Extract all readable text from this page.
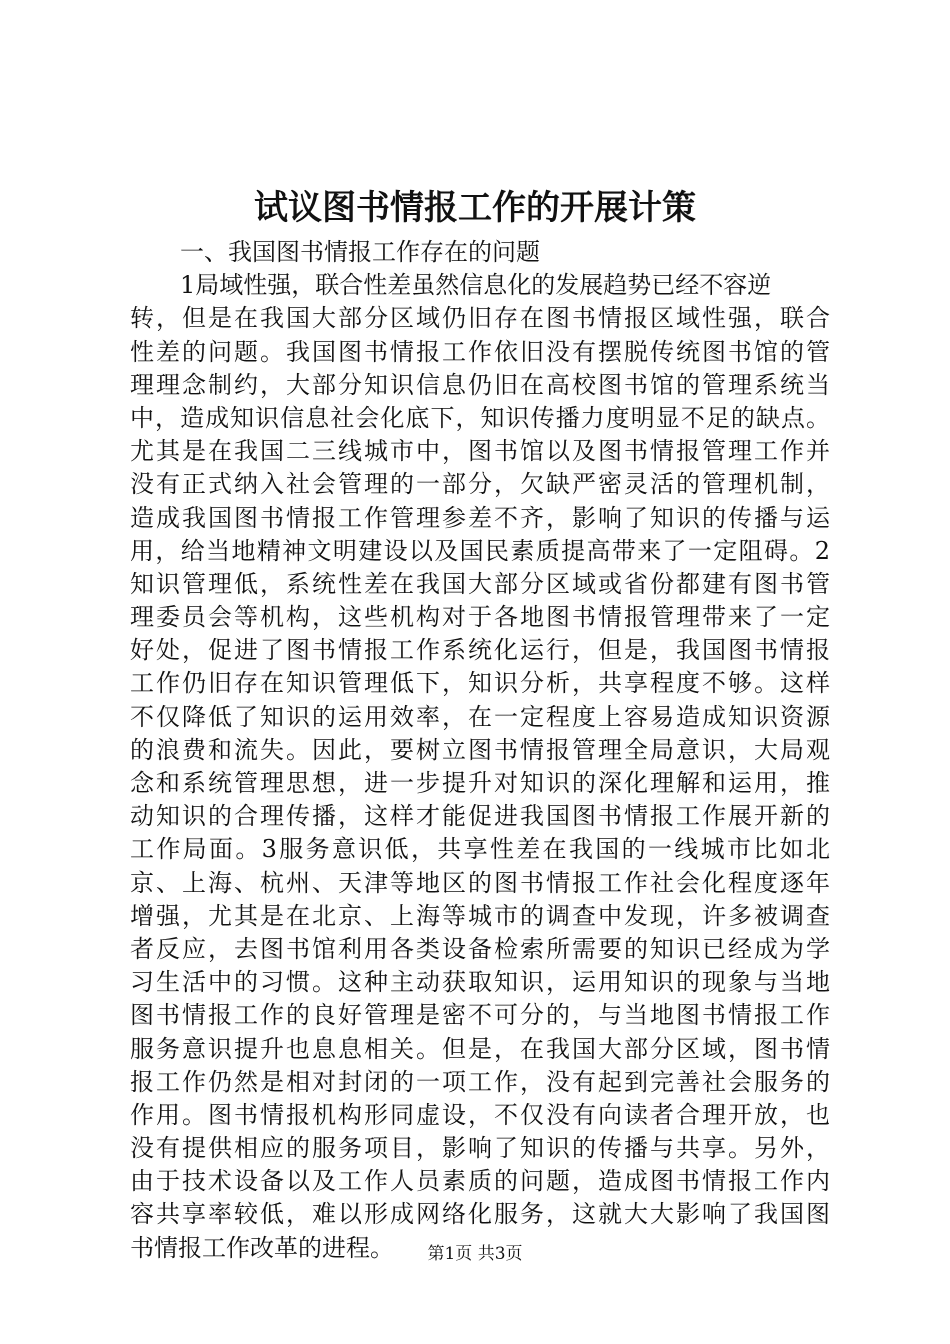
试议图书情报工作的开展计策
一、我国图书情报工作存在的问题
1局域性强，联合性差虽然信息化的发展趋势已经不容逆
转，但是在我国大部分区域仍旧存在图书情报区域性强，联合
性差的问题。我国图书情报工作依旧没有摆脱传统图书馆的管
理理念制约，大部分知识信息仍旧在高校图书馆的管理系统当
中，造成知识信息社会化底下，知识传播力度明显不足的缺点。
尤其是在我国二三线城市中，图书馆以及图书情报管理工作并
没有正式纳入社会管理的一部分，欠缺严密灵活的管理机制，
造成我国图书情报工作管理参差不齐，影响了知识的传播与运
用，给当地精神文明建设以及国民素质提高带来了一定阻碍。2
知识管理低，系统性差在我国大部分区域或省份都建有图书管
理委员会等机构，这些机构对于各地图书情报管理带来了一定
好处，促进了图书情报工作系统化运行，但是，我国图书情报
工作仍旧存在知识管理低下，知识分析，共享程度不够。这样
不仅降低了知识的运用效率，在一定程度上容易造成知识资源
的浪费和流失。因此，要树立图书情报管理全局意识，大局观
念和系统管理思想，进一步提升对知识的深化理解和运用，推
动知识的合理传播，这样才能促进我国图书情报工作展开新的
工作局面。3服务意识低，共享性差在我国的一线城市比如北
京、上海、杭州、天津等地区的图书情报工作社会化程度逐年
增强，尤其是在北京、上海等城市的调查中发现，许多被调查
者反应，去图书馆利用各类设备检索所需要的知识已经成为学
习生活中的习惯。这种主动获取知识，运用知识的现象与当地
图书情报工作的良好管理是密不可分的，与当地图书情报工作
服务意识提升也息息相关。但是，在我国大部分区域，图书情
报工作仍然是相对封闭的一项工作，没有起到完善社会服务的
作用。图书情报机构形同虚设，不仅没有向读者合理开放，也
没有提供相应的服务项目，影响了知识的传播与共享。另外，
由于技术设备以及工作人员素质的问题，造成图书情报工作内
容共享率较低，难以形成网络化服务，这就大大影响了我国图
书情报工作改革的进程。	第1页 共3页
